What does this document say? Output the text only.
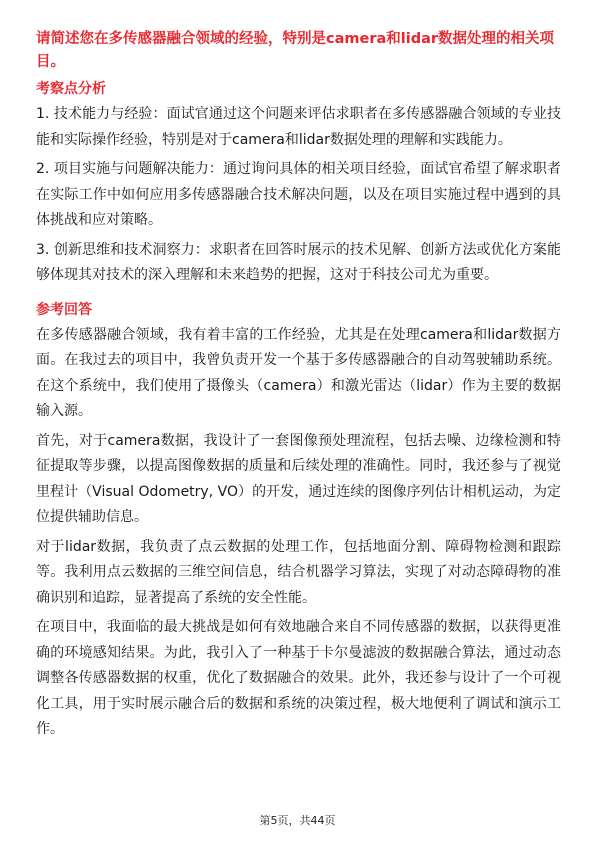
请简述您在多传感器融合领域的经验，特别是camera和lidar数据处理的相关项目。

考察点分析

1. 技术能力与经验：面试官通过这个问题来评估求职者在多传感器融合领域的专业技能和实际操作经验，特别是对于camera和lidar数据处理的理解和实践能力。

2. 项目实施与问题解决能力：通过询问具体的相关项目经验，面试官希望了解求职者在实际工作中如何应用多传感器融合技术解决问题，以及在项目实施过程中遇到的具体挑战和应对策略。

3. 创新思维和技术洞察力：求职者在回答时展示的技术见解、创新方法或优化方案能够体现其对技术的深入理解和未来趋势的把握，这对于科技公司尤为重要。

参考回答

在多传感器融合领域，我有着丰富的工作经验，尤其是在处理camera和lidar数据方面。在我过去的项目中，我曾负责开发一个基于多传感器融合的自动驾驶辅助系统。在这个系统中，我们使用了摄像头（camera）和激光雷达（lidar）作为主要的数据输入源。

首先，对于camera数据，我设计了一套图像预处理流程，包括去噪、边缘检测和特征提取等步骤，以提高图像数据的质量和后续处理的准确性。同时，我还参与了视觉里程计（Visual Odometry, VO）的开发，通过连续的图像序列估计相机运动，为定位提供辅助信息。

对于lidar数据，我负责了点云数据的处理工作，包括地面分割、障碍物检测和跟踪等。我利用点云数据的三维空间信息，结合机器学习算法，实现了对动态障碍物的准确识别和追踪，显著提高了系统的安全性能。

在项目中，我面临的最大挑战是如何有效地融合来自不同传感器的数据，以获得更准确的环境感知结果。为此，我引入了一种基于卡尔曼滤波的数据融合算法，通过动态调整各传感器数据的权重，优化了数据融合的效果。此外，我还参与设计了一个可视化工具，用于实时展示融合后的数据和系统的决策过程，极大地便利了调试和演示工作。

第5页，共44页
